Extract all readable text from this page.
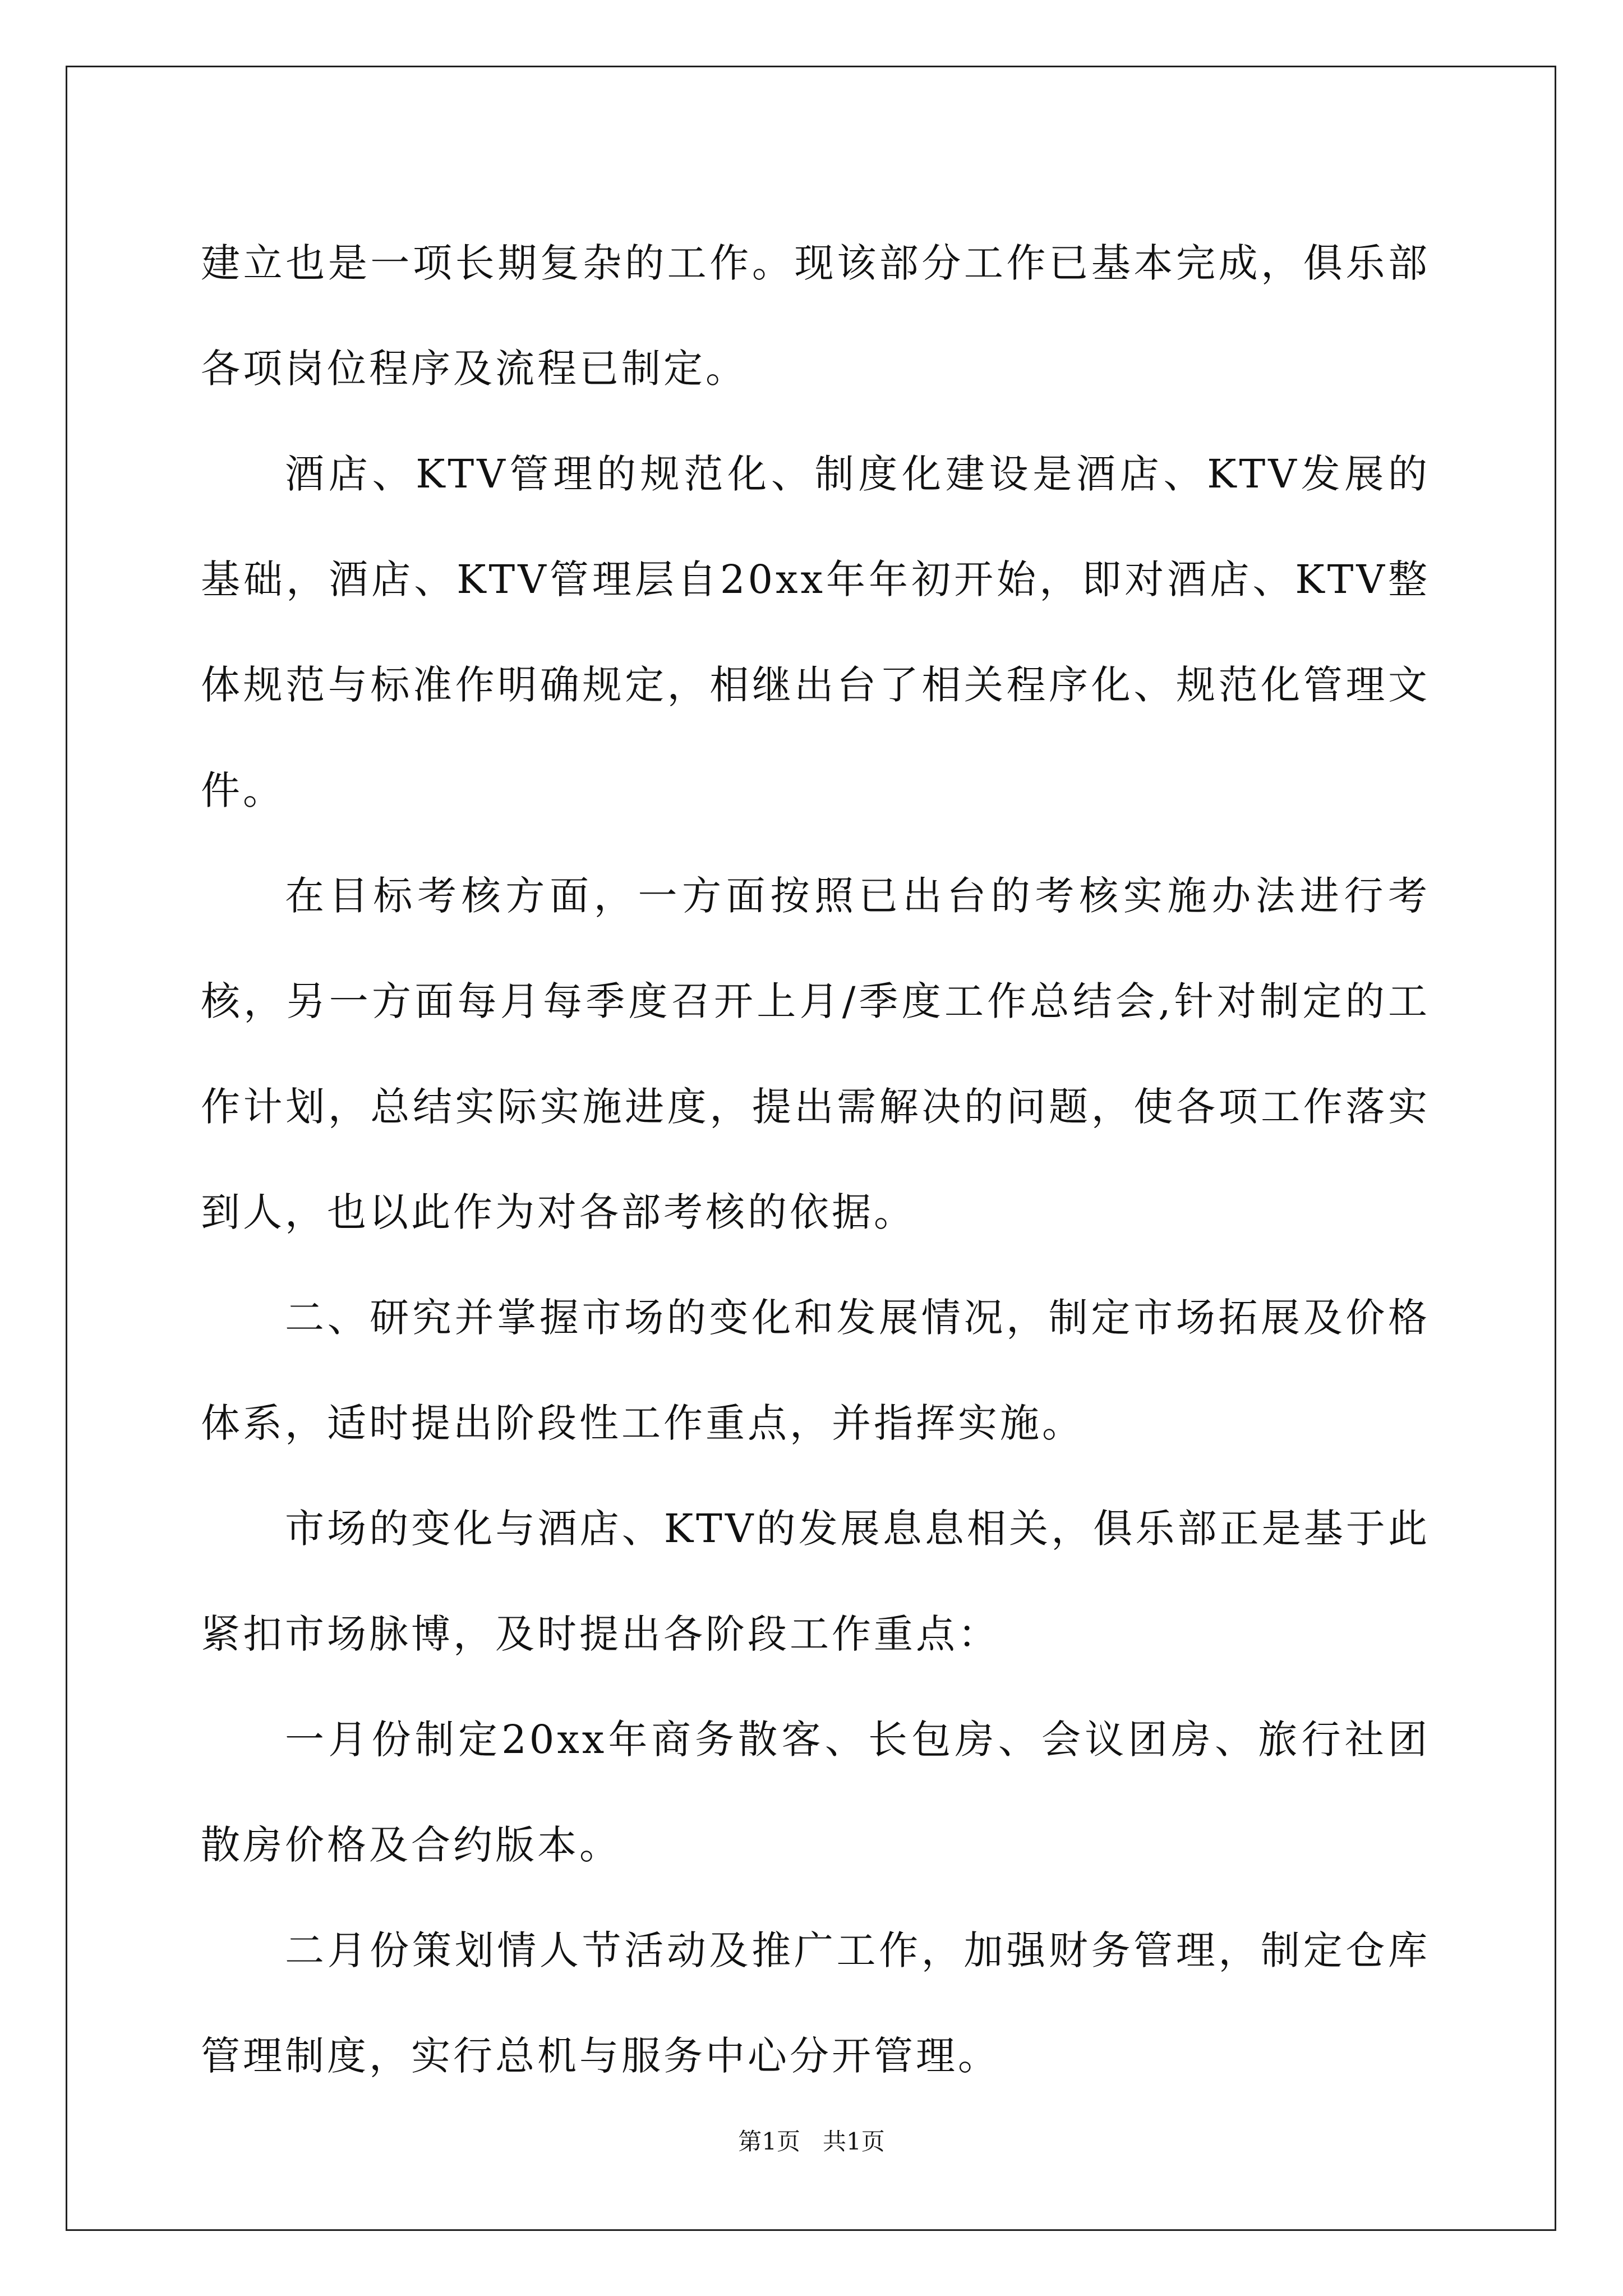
建立也是一项长期复杂的工作。现该部分工作已基本完成，俱乐部各项岗位程序及流程已制定。

酒店、KTV管理的规范化、制度化建设是酒店、KTV发展的基础，酒店、KTV管理层自20xx年年初开始，即对酒店、KTV整体规范与标准作明确规定，相继出台了相关程序化、规范化管理文件。

在目标考核方面，一方面按照已出台的考核实施办法进行考核，另一方面每月每季度召开上月/季度工作总结会,针对制定的工作计划，总结实际实施进度，提出需解决的问题，使各项工作落实到人，也以此作为对各部考核的依据。

二、研究并掌握市场的变化和发展情况，制定市场拓展及价格体系，适时提出阶段性工作重点，并指挥实施。

市场的变化与酒店、KTV的发展息息相关，俱乐部正是基于此紧扣市场脉博，及时提出各阶段工作重点：

一月份制定20xx年商务散客、长包房、会议团房、旅行社团散房价格及合约版本。

二月份策划情人节活动及推广工作，加强财务管理，制定仓库管理制度，实行总机与服务中心分开管理。

第1页   共1页
